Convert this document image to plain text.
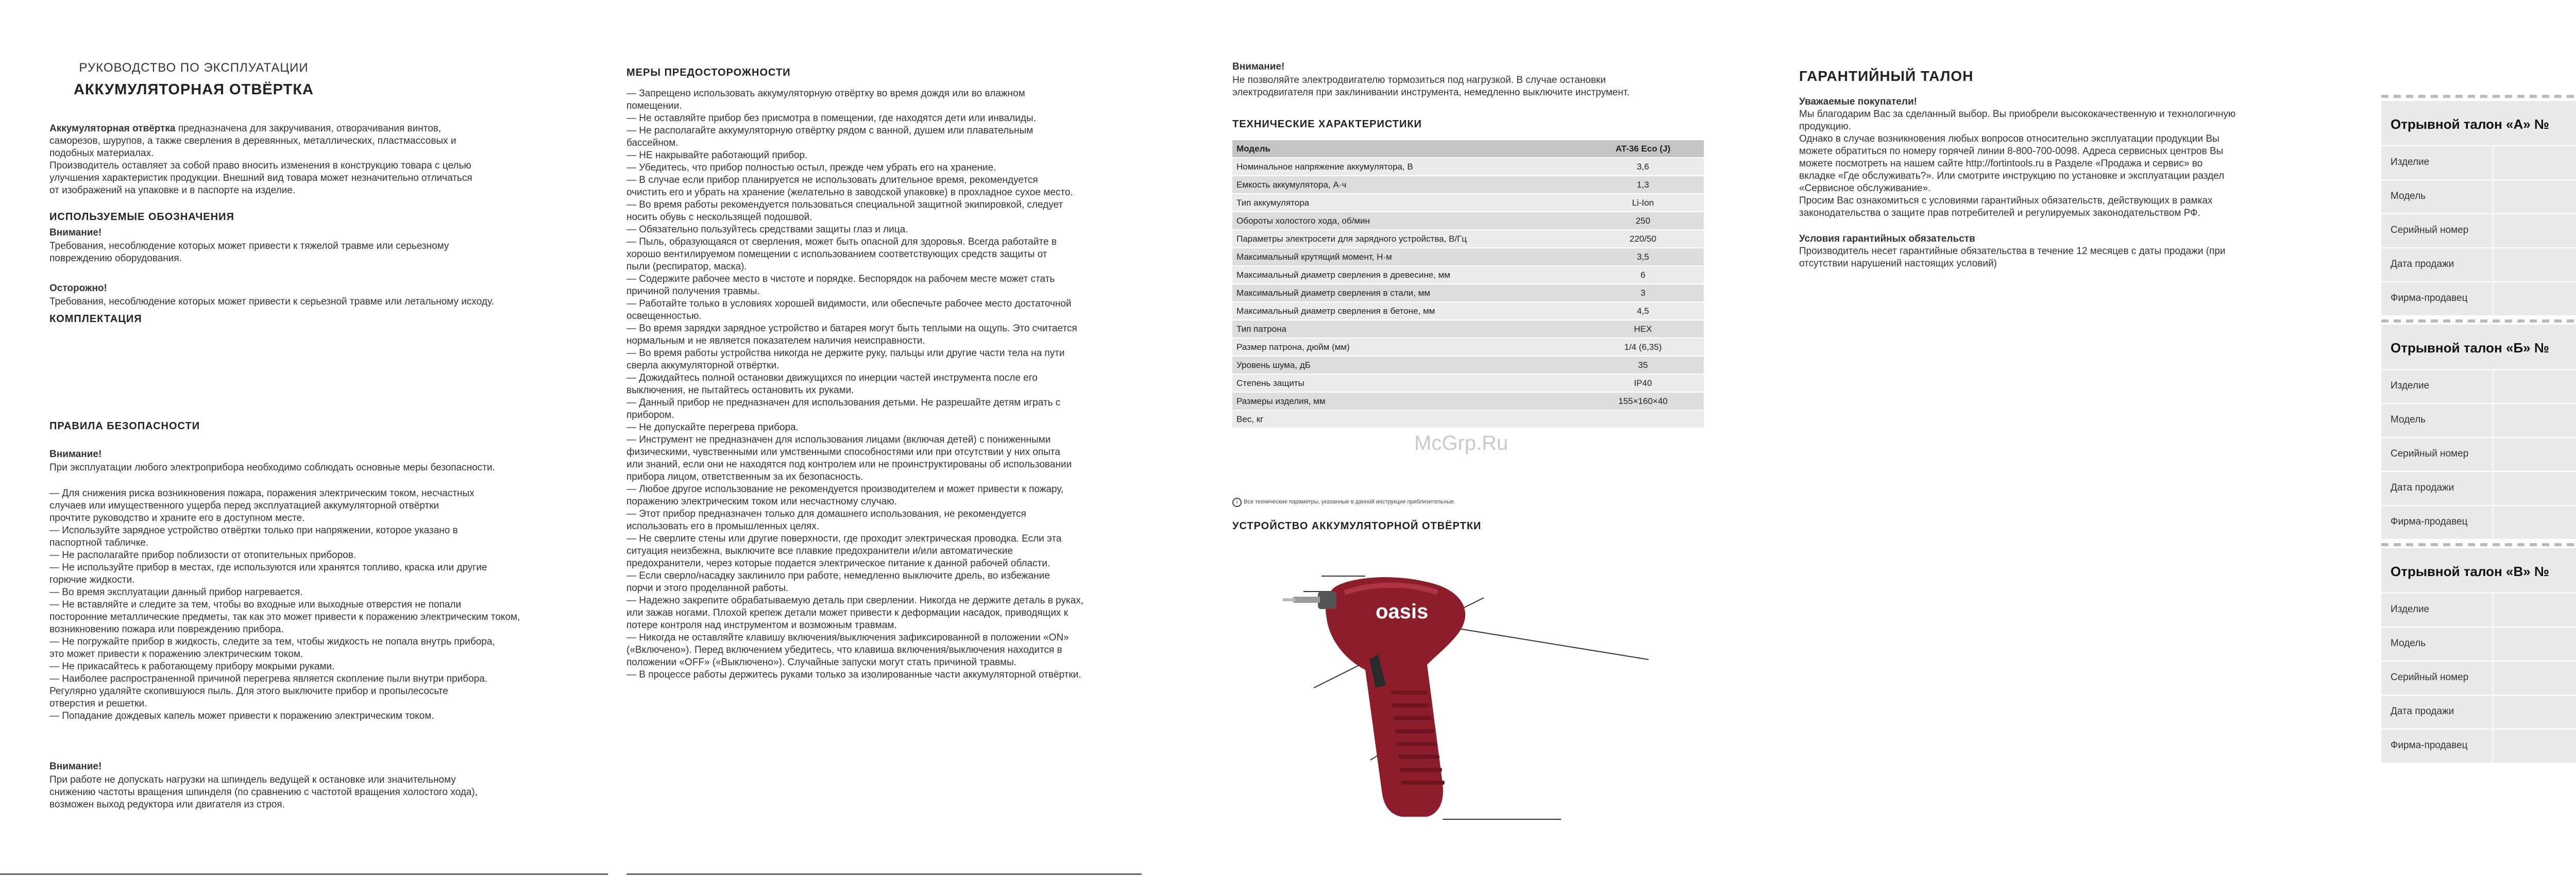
РУКОВОДСТВО ПО ЭКСПЛУАТАЦИИ
АККУМУЛЯТОРНАЯ ОТВЁРТКА

Аккумуляторная отвёртка предназначена для закручивания, отворачивания винтов,
саморезов, шурупов, а также сверления в деревянных, металлических, пластмассовых и
подобных материалах.
Производитель оставляет за собой право вносить изменения в конструкцию товара с целью
улучшения характеристик продукции. Внешний вид товара может незначительно отличаться
от изображений на упаковке и в паспорте на изделие.

ИСПОЛЬЗУЕМЫЕ ОБОЗНАЧЕНИЯ
Внимание!
Требования, несоблюдение которых может привести к тяжелой травме или серьезному
повреждению оборудования.
Осторожно!
Требования, несоблюдение которых может привести к серьезной травме или летальному исходу.
КОМПЛЕКТАЦИЯ
ПРАВИЛА БЕЗОПАСНОСТИ
Внимание!
При эксплуатации любого электроприбора необходимо соблюдать основные меры безопасности.
— Для снижения риска возникновения пожара, поражения электрическим током, несчастных
случаев или имущественного ущерба перед эксплуатацией аккумуляторной отвёртки
прочтите руководство и храните его в доступном месте.
— Используйте зарядное устройство отвёртки только при напряжении, которое указано в
паспортной табличке.
— Не располагайте прибор поблизости от отопительных приборов.
— Не используйте прибор в местах, где используются или хранятся топливо, краска или другие
горючие жидкости.
— Во время эксплуатации данный прибор нагревается.
— Не вставляйте и следите за тем, чтобы во входные или выходные отверстия не попали
посторонние металлические предметы, так как это может привести к поражению электрическим током,
возникновению пожара или повреждению прибора.
— Не погружайте прибор в жидкость, следите за тем, чтобы жидкость не попала внутрь прибора,
это может привести к поражению электрическим током.
— Не прикасайтесь к работающему прибору мокрыми руками.
— Наиболее распространенной причиной перегрева является скопление пыли внутри прибора.
Регулярно удаляйте скопившуюся пыль. Для этого выключите прибор и пропылесосьте
отверстия и решетки.
— Попадание дождевых капель может привести к поражению электрическим током.
Внимание!
При работе не допускать нагрузки на шпиндель ведущей к остановке или значительному
снижению частоты вращения шпинделя (по сравнению с частотой вращения холостого хода),
возможен выход редуктора или двигателя из строя.
МЕРЫ ПРЕДОСТОРОЖНОСТИ
— Запрещено использовать аккумуляторную отвёртку во время дождя или во влажном
помещении.
— Не оставляйте прибор без присмотра в помещении, где находятся дети или инвалиды.
— Не располагайте аккумуляторную отвёртку рядом с ванной, душем или плавательным
бассейном.
— НЕ накрывайте работающий прибор.
— Убедитесь, что прибор полностью остыл, прежде чем убрать его на хранение.
— В случае если прибор планируется не использовать длительное время, рекомендуется
очистить его и убрать на хранение (желательно в заводской упаковке) в прохладное сухое место.
— Во время работы рекомендуется пользоваться специальной защитной экипировкой, следует
носить обувь с нескользящей подошвой.
— Обязательно пользуйтесь средствами защиты глаз и лица.
— Пыль, образующаяся от сверления, может быть опасной для здоровья. Всегда работайте в
хорошо вентилируемом помещении с использованием соответствующих средств защиты от
пыли (респиратор, маска).
— Содержите рабочее место в чистоте и порядке. Беспорядок на рабочем месте может стать
причиной получения травмы.
— Работайте только в условиях хорошей видимости, или обеспечьте рабочее место достаточной
освещенностью.
— Во время зарядки зарядное устройство и батарея могут быть теплыми на ощупь. Это считается
нормальным и не является показателем наличия неисправности.
— Во время работы устройства никогда не держите руку, пальцы или другие части тела на пути
сверла аккумуляторной отвёртки.
— Дожидайтесь полной остановки движущихся по инерции частей инструмента после его
выключения, не пытайтесь остановить их руками.
— Данный прибор не предназначен для использования детьми. Не разрешайте детям играть с
прибором.
— Не допускайте перегрева прибора.
— Инструмент не предназначен для использования лицами (включая детей) с пониженными
физическими, чувственными или умственными способностями или при отсутствии у них опыта
или знаний, если они не находятся под контролем или не проинструктированы об использовании
прибора лицом, ответственным за их безопасность.
— Любое другое использование не рекомендуется производителем и может привести к пожару,
поражению электрическим током или несчастному случаю.
— Этот прибор предназначен только для домашнего использования, не рекомендуется
использовать его в промышленных целях.
— Не сверлите стены или другие поверхности, где проходит электрическая проводка. Если эта
ситуация неизбежна, выключите все плавкие предохранители и/или автоматические
предохранители, через которые подается электрическое питание к данной рабочей области.
— Если сверло/насадку заклинило при работе, немедленно выключите дрель, во избежание
порчи и этого проделанной работы.
— Надежно закрепите обрабатываемую деталь при сверлении. Никогда не держите деталь в руках,
или зажав ногами. Плохой крепеж детали может привести к деформации насадок, приводящих к
потере контроля над инструментом и возможным травмам.
— Никогда не оставляйте клавишу включения/выключения зафиксированной в положении «ON»
(«Включено»). Перед включением убедитесь, что клавиша включения/выключения находится в
положении «OFF» («Выключено»). Случайные запуски могут стать причиной травмы.
— В процессе работы держитесь руками только за изолированные части аккумуляторной отвёртки.
Внимание!
Не позволяйте электродвигателю тормозиться под нагрузкой. В случае остановки
электродвигателя при заклинивании инструмента, немедленно выключите инструмент.
ТЕХНИЧЕСКИЕ ХАРАКТЕРИСТИКИ
Модель	AT-36 Eco (J)
Номинальное напряжение аккумулятора, В	3,6
Емкость аккумулятора, А·ч	1,3
Тип аккумулятора	Li-Ion
Обороты холостого хода, об/мин	250
Параметры электросети для зарядного устройства, В/Гц	220/50
Максимальный крутящий момент, Н·м	3,5
Максимальный диаметр сверления в древесине, мм	6
Максимальный диаметр сверления в стали, мм	3
Максимальный диаметр сверления в бетоне, мм	4,5
Тип патрона	HEX
Размер патрона, дюйм (мм)	1/4 (6,35)
Уровень шума, дБ	35
Степень защиты	IP40
Размеры изделия, мм	155×160×40
Вес, кг	
i	Все технические параметры, указанные в данной инструкции приблизительные.
УСТРОЙСТВО АККУМУЛЯТОРНОЙ ОТВЁРТКИ
McGrp.Ru
oasis
ГАРАНТИЙНЫЙ ТАЛОН
Уважаемые покупатели!
Мы благодарим Вас за сделанный выбор. Вы приобрели высококачественную и технологичную
продукцию.
Однако в случае возникновения любых вопросов относительно эксплуатации продукции Вы
можете обратиться по номеру горячей линии 8-800-700-0098. Адреса сервисных центров Вы
можете посмотреть на нашем сайте http://fortintools.ru в Разделе «Продажа и сервис» во
вкладке «Где обслуживать?». Или смотрите инструкцию по установке и эксплуатации раздел
«Сервисное обслуживание».
Просим Вас ознакомиться с условиями гарантийных обязательств, действующих в рамках
законодательства о защите прав потребителей и регулируемых законодательством РФ.
Условия гарантийных обязательств
Производитель несет гарантийные обязательства в течение 12 месяцев с даты продажи (при
отсутствии нарушений настоящих условий)
Отрывной талон «А» №
Изделие
Модель
Серийный номер
Дата продажи
Фирма-продавец
Отрывной талон «Б» №
Изделие
Модель
Серийный номер
Дата продажи
Фирма-продавец
Отрывной талон «В» №
Изделие
Модель
Серийный номер
Дата продажи
Фирма-продавец
